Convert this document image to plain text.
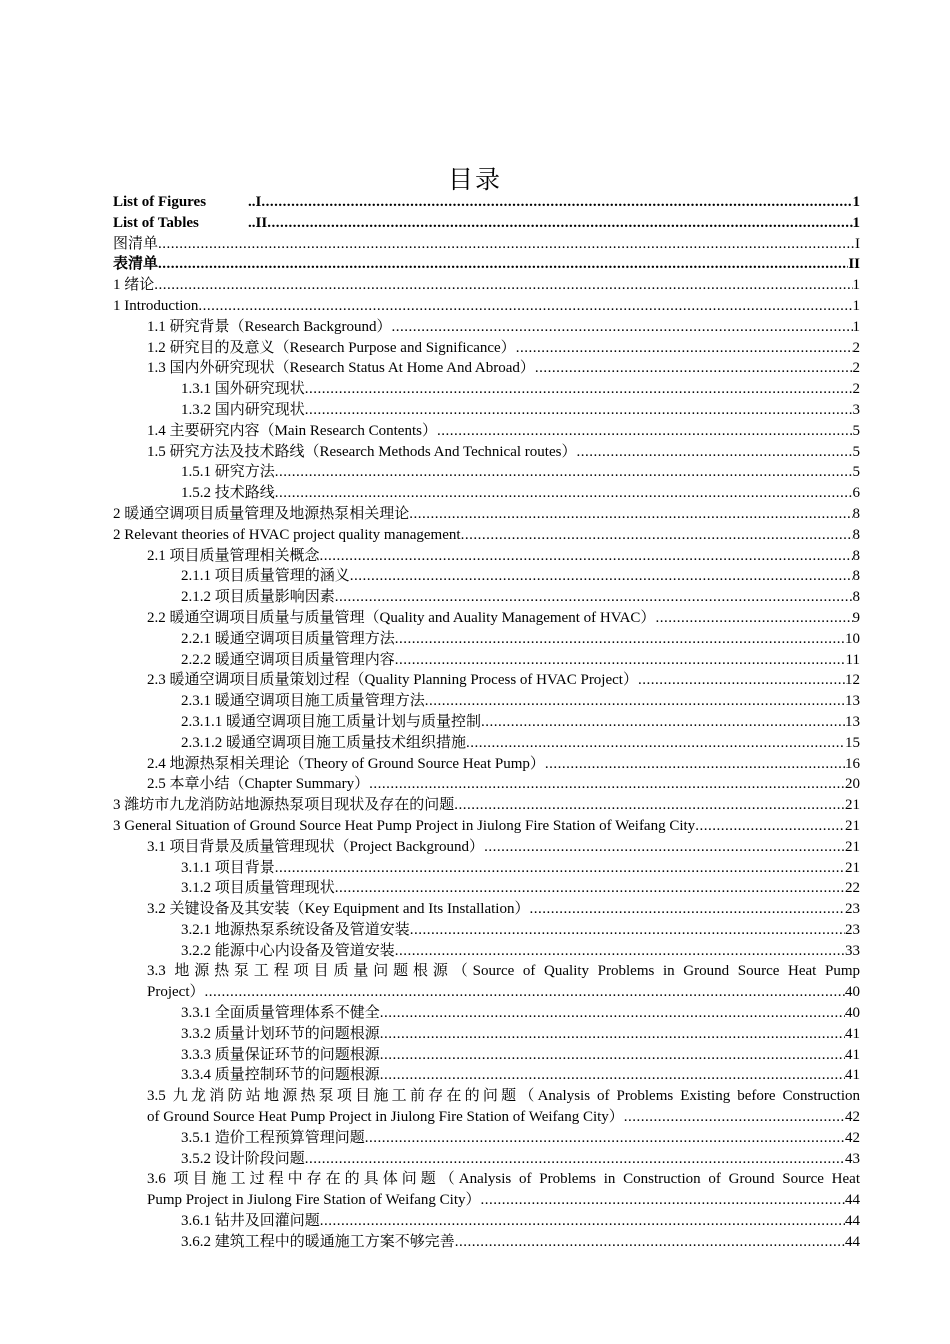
目录
List of Figures	..I .....	1
List of Tables	..II .....	1
图清单 .....	I
表清单 .....	II
1 绪论 .....	1
1 Introduction .....	1
1.1 研究背景（Research Background） .....	1
1.2 研究目的及意义（Research Purpose and Significance） .....	2
1.3 国内外研究现状（Research Status At Home And Abroad） .....	2
1.3.1 国外研究现状 .....	2
1.3.2 国内研究现状 .....	3
1.4 主要研究内容（Main Research Contents） .....	5
1.5 研究方法及技术路线（Research Methods And Technical routes） .....	5
1.5.1 研究方法 .....	5
1.5.2 技术路线 .....	6
2 暖通空调项目质量管理及地源热泵相关理论 .....	8
2 Relevant theories of HVAC project quality management .....	8
2.1 项目质量管理相关概念 .....	8
2.1.1 项目质量管理的涵义 .....	8
2.1.2 项目质量影响因素 .....	8
2.2 暖通空调项目质量与质量管理（Quality and Auality Management of HVAC） .....	9
2.2.1 暖通空调项目质量管理方法 .....	10
2.2.2 暖通空调项目质量管理内容 .....	11
2.3 暖通空调项目质量策划过程（Quality Planning Process of HVAC Project） .....	12
2.3.1 暖通空调项目施工质量管理方法 .....	13
2.3.1.1 暖通空调项目施工质量计划与质量控制 .....	13
2.3.1.2 暖通空调项目施工质量技术组织措施 .....	15
2.4 地源热泵相关理论（Theory of Ground Source Heat Pump） .....	16
2.5 本章小结（Chapter Summary） .....	20
3 潍坊市九龙消防站地源热泵项目现状及存在的问题 .....	21
3 General Situation of Ground Source Heat Pump Project in Jiulong Fire Station of Weifang City .....	21
3.1 项目背景及质量管理现状（Project Background） .....	21
3.1.1 项目背景 .....	21
3.1.2 项目质量管理现状 .....	22
3.2 关键设备及其安装（Key Equipment and Its Installation） .....	23
3.2.1 地源热泵系统设备及管道安装 .....	23
3.2.2 能源中心内设备及管道安装 .....	33
3.3 地源热泵工程项目质量问题根源（Source of Quality Problems in Ground Source Heat Pump
Project） .....	40
3.3.1 全面质量管理体系不健全 .....	40
3.3.2 质量计划环节的问题根源 .....	41
3.3.3 质量保证环节的问题根源 .....	41
3.3.4 质量控制环节的问题根源 .....	41
3.5 九龙消防站地源热泵项目施工前存在的问题（Analysis of Problems Existing before Construction
of Ground Source Heat Pump Project in Jiulong Fire Station of Weifang City） .....	42
3.5.1 造价工程预算管理问题 .....	42
3.5.2 设计阶段问题 .....	43
3.6 项目施工过程中存在的具体问题（Analysis of Problems in Construction of Ground Source Heat
Pump Project in Jiulong Fire Station of Weifang City） .....	44
3.6.1 钻井及回灌问题 .....	44
3.6.2 建筑工程中的暖通施工方案不够完善 .....	44
